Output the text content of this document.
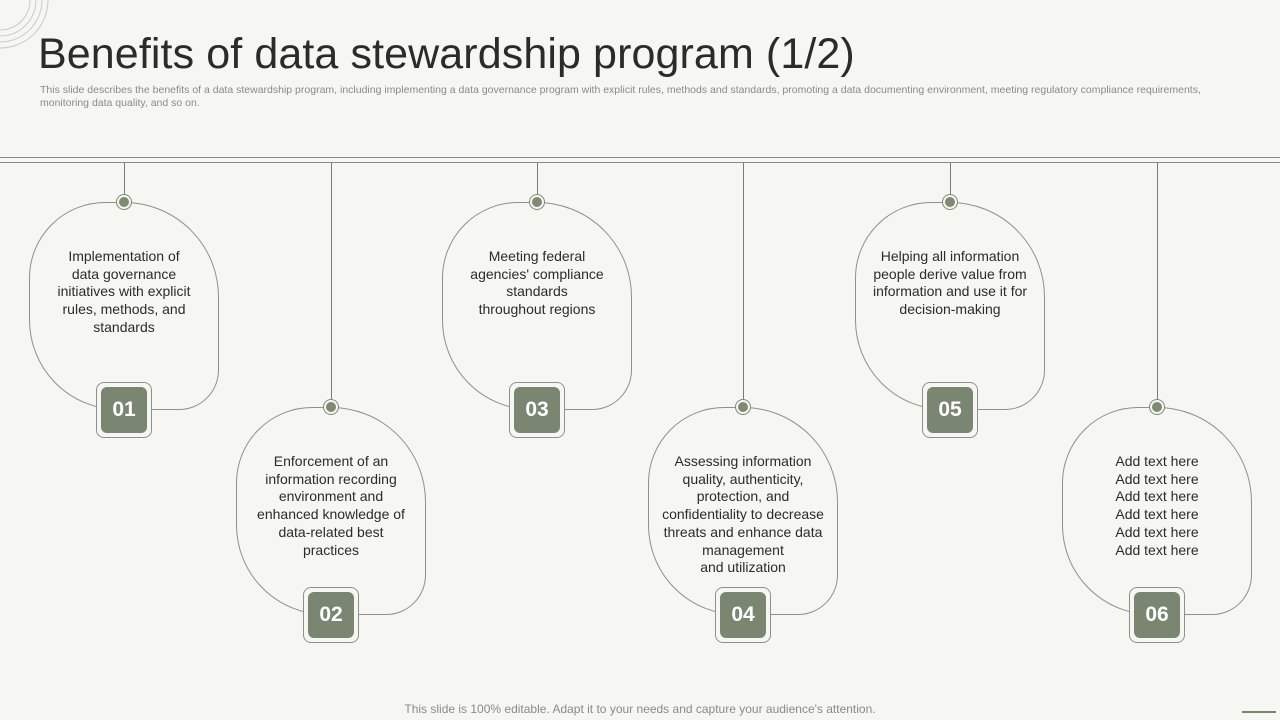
Benefits of data stewardship program (1/2)

This slide describes the benefits of a data stewardship program, including implementing a data governance program with explicit rules, methods and standards, promoting a data documenting environment, meeting regulatory compliance requirements, monitoring data quality, and so on.

Implementation of
data governance
initiatives with explicit
rules, methods, and
standards
01
Enforcement of an
information recording
environment and
enhanced knowledge of
data-related best
practices
02
Meeting federal
agencies' compliance
standards
throughout regions
03
Assessing information
quality, authenticity,
protection, and
confidentiality to decrease
threats and enhance data
management
and utilization
04
Helping all information
people derive value from
information and use it for
decision-making
05
Add text here
Add text here
Add text here
Add text here
Add text here
Add text here
06
This slide is 100% editable. Adapt it to your needs and capture your audience's attention.
